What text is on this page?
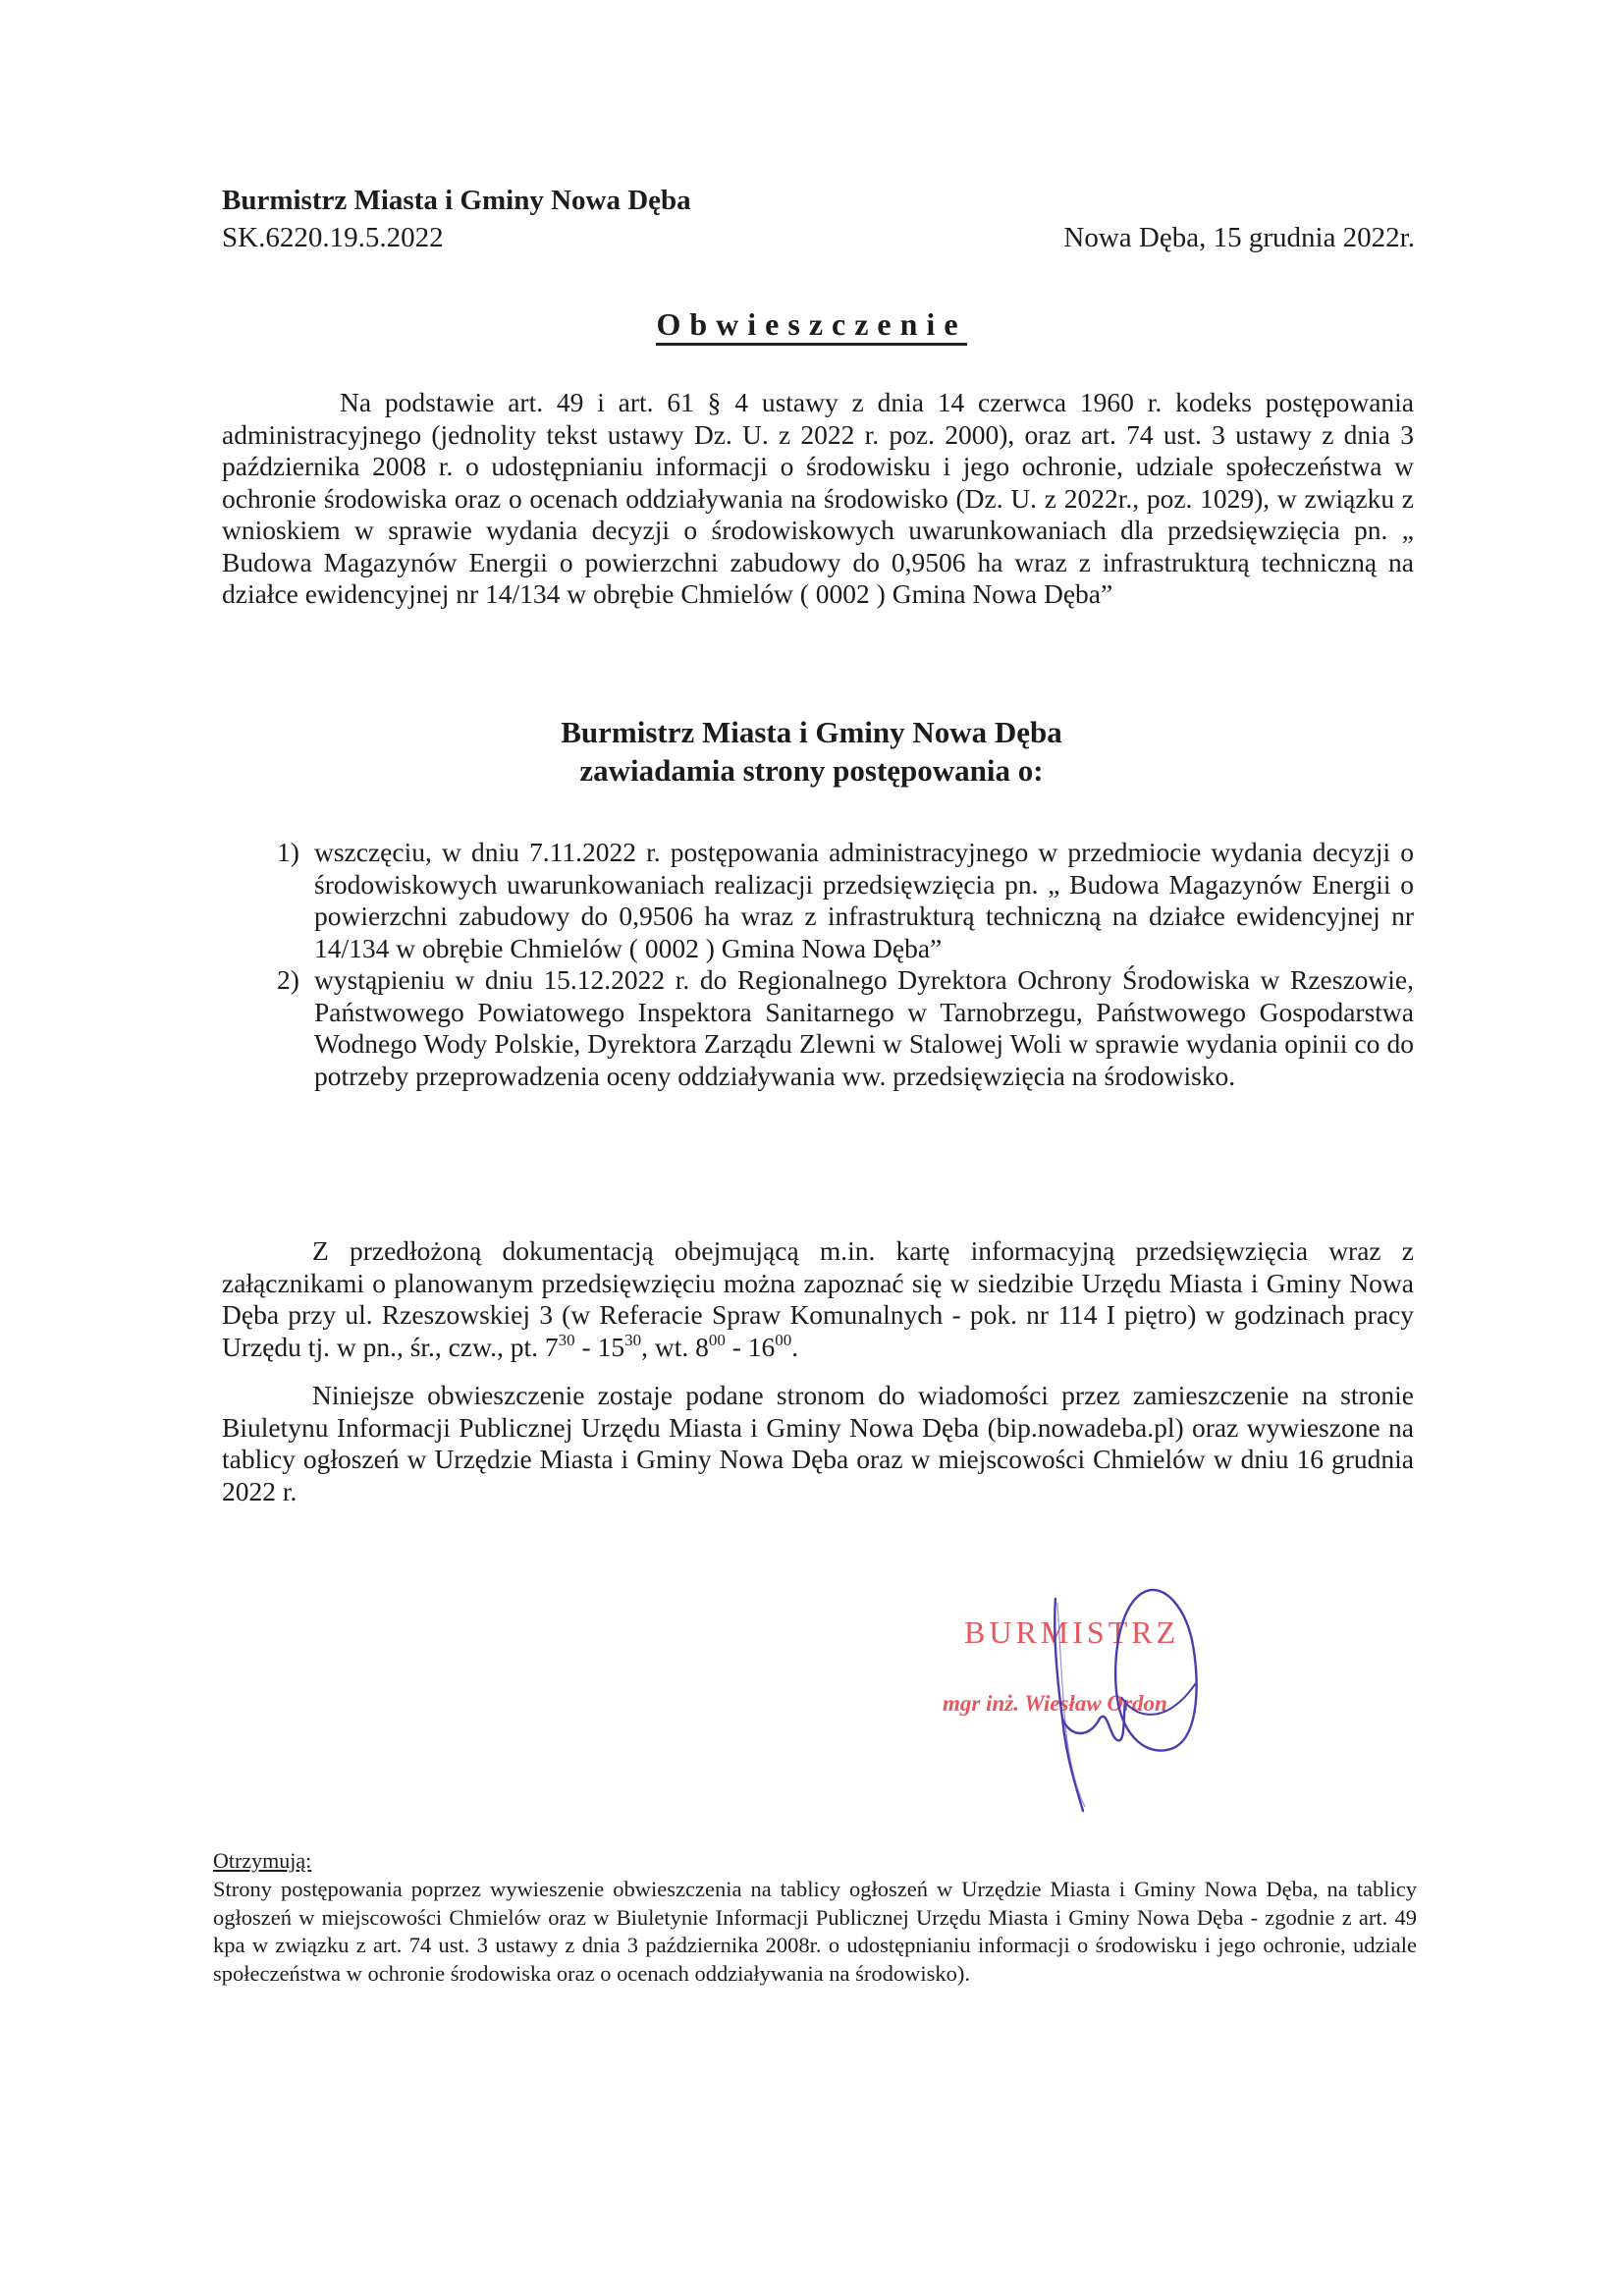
Burmistrz Miasta i Gminy Nowa Dęba
SK.6220.19.5.2022	Nowa Dęba, 15 grudnia 2022r.
Obwieszczenie

Na podstawie art. 49 i art. 61 § 4 ustawy z dnia 14 czerwca 1960 r. kodeks postępowania administracyjnego (jednolity tekst ustawy Dz. U. z 2022 r. poz. 2000), oraz art. 74 ust. 3 ustawy z dnia 3 października 2008 r. o udostępnianiu informacji o środowisku i jego ochronie, udziale społeczeństwa w ochronie środowiska oraz o ocenach oddziaływania na środowisko (Dz. U. z 2022r., poz. 1029), w związku z wnioskiem w sprawie wydania decyzji o środowiskowych uwarunkowaniach dla przedsięwzięcia pn. „ Budowa Magazynów Energii o powierzchni zabudowy do 0,9506 ha wraz z infrastrukturą techniczną na działce ewidencyjnej nr 14/134 w obrębie Chmielów ( 0002 ) Gmina Nowa Dęba”

Burmistrz Miasta i Gminy Nowa Dęba
zawiadamia strony postępowania o:
1) wszczęciu, w dniu 7.11.2022 r. postępowania administracyjnego w przedmiocie wydania decyzji o środowiskowych uwarunkowaniach realizacji przedsięwzięcia pn. „ Budowa Magazynów Energii o powierzchni zabudowy do 0,9506 ha wraz z infrastrukturą techniczną na działce ewidencyjnej nr 14/134 w obrębie Chmielów ( 0002 ) Gmina Nowa Dęba”
2) wystąpieniu w dniu 15.12.2022 r. do Regionalnego Dyrektora Ochrony Środowiska w Rzeszowie, Państwowego Powiatowego Inspektora Sanitarnego w Tarnobrzegu, Państwowego Gospodarstwa Wodnego Wody Polskie, Dyrektora Zarządu Zlewni w Stalowej Woli w sprawie wydania opinii co do potrzeby przeprowadzenia oceny oddziaływania ww. przedsięwzięcia na środowisko.

Z przedłożoną dokumentacją obejmującą m.in. kartę informacyjną przedsięwzięcia wraz z załącznikami o planowanym przedsięwzięciu można zapoznać się w siedzibie Urzędu Miasta i Gminy Nowa Dęba przy ul. Rzeszowskiej 3 (w Referacie Spraw Komunalnych - pok. nr 114 I piętro) w godzinach pracy Urzędu tj. w pn., śr., czw., pt. $7^{30} - 15^{30}$, wt. $8^{00} - 16^{00}$.

Niniejsze obwieszczenie zostaje podane stronom do wiadomości przez zamieszczenie na stronie Biuletynu Informacji Publicznej Urzędu Miasta i Gminy Nowa Dęba (bip.nowadeba.pl) oraz wywieszone na tablicy ogłoszeń w Urzędzie Miasta i Gminy Nowa Dęba oraz w miejscowości Chmielów w dniu 16 grudnia 2022 r.

BURMISTRZ
mgr inż. Wiesław Ordon
Otrzymują:

Strony postępowania poprzez wywieszenie obwieszczenia na tablicy ogłoszeń w Urzędzie Miasta i Gminy Nowa Dęba, na tablicy ogłoszeń w miejscowości Chmielów oraz w Biuletynie Informacji Publicznej Urzędu Miasta i Gminy Nowa Dęba - zgodnie z art. 49 kpa w związku z art. 74 ust. 3 ustawy z dnia 3 października 2008r. o udostępnianiu informacji o środowisku i jego ochronie, udziale społeczeństwa w ochronie środowiska oraz o ocenach oddziaływania na środowisko).
